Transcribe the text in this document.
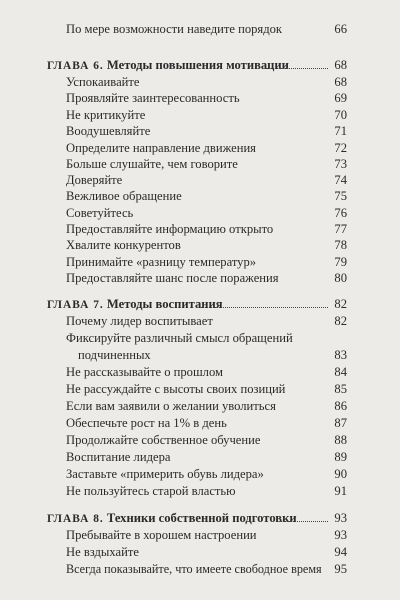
По мере возможности наведите порядок	66
ГЛАВА 6. Методы повышения мотивации	68
Успокаивайте	68
Проявляйте заинтересованность	69
Не критикуйте	70
Воодушевляйте	71
Определите направление движения	72
Больше слушайте, чем говорите	73
Доверяйте	74
Вежливое обращение	75
Советуйтесь	76
Предоставляйте информацию открыто	77
Хвалите конкурентов	78
Принимайте «разницу температур»	79
Предоставляйте шанс после поражения	80
ГЛАВА 7. Методы воспитания	82
Почему лидер воспитывает	82
Фиксируйте различный смысл обращений
подчиненных	83
Не рассказывайте о прошлом	84
Не рассуждайте с высоты своих позиций	85
Если вам заявили о желании уволиться	86
Обеспечьте рост на 1% в день	87
Продолжайте собственное обучение	88
Воспитание лидера	89
Заставьте «примерить обувь лидера»	90
Не пользуйтесь старой властью	91
ГЛАВА 8. Техники собственной подготовки	93
Пребывайте в хорошем настроении	93
Не вздыхайте	94
Всегда показывайте, что имеете свободное время 95
